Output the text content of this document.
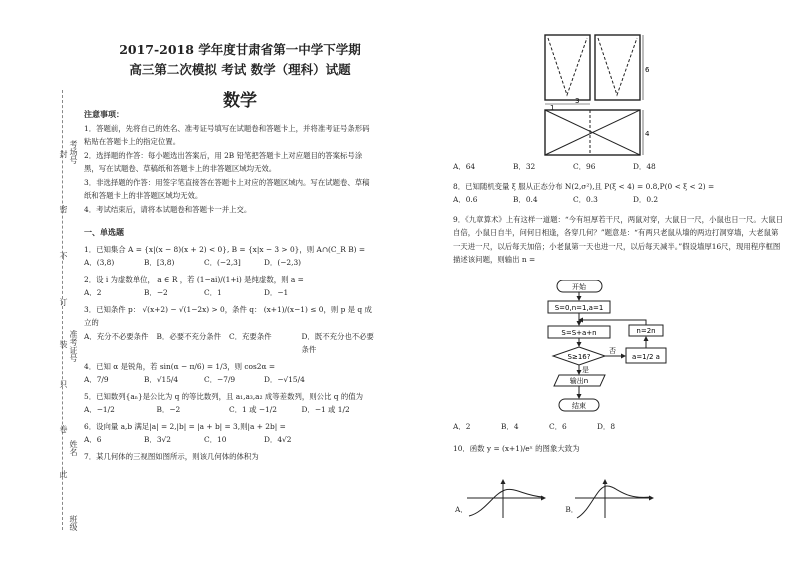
封
密
不
订
装
只
卷
此
考场号
准考证号
姓名
班级
2017-2018 学年度甘肃省第一中学下学期
高三第二次模拟 考试 数学（理科）试题
数学

注意事项：

1．答题前，先将自己的姓名、准考证号填写在试题卷和答题卡上，并将准考证号条形码粘贴在答题卡上的指定位置。

2．选择题的作答：每小题选出答案后，用 2B 铅笔把答题卡上对应题目的答案标号涂黑，写在试题卷、草稿纸和答题卡上的非答题区域均无效。

3．非选择题的作答：用签字笔直接答在答题卡上对应的答题区域内。写在试题卷、草稿纸和答题卡上的非答题区域均无效。

4．考试结束后，请将本试题卷和答题卡一并上交。

一、单选题

1．已知集合 A = {x|(x − 8)(x + 2) < 0}, B = {x|x − 3 > 0}，则 A∩(C_R B) =

A．(3,8)	B．[3,8)	C．(−2,3]	D．(−2,3)

2．设 i 为虚数单位， a ∈ R ，若 (1−ai)/(1+i) 是纯虚数，则 a =

A．2	B．−2	C．1	D．−1

3．已知条件 p： √(x+2) − √(1−2x) > 0，条件 q： (x+1)/(x−1) ≤ 0，则 p 是 q 成立的

A．充分不必要条件	B．必要不充分条件	C．充要条件	D．既不充分也不必要条件

4．已知 α 是锐角，若 sin(α − π/6) = 1/3，则 cos2α =

A．7/9	B．√15/4	C．−7/9	D．−√15/4

5．已知数列{aₙ}是公比为 q 的等比数列，且 a₁,a₃,a₂ 成等差数列，则公比 q 的值为

A．−1/2	B．−2	C．1 或 −1/2	D．−1 或 1/2

6．设向量 a,b 满足|a| = 2,|b| = |a + b| = 3,则|a + 2b| =

A．6	B．3√2	C．10	D．4√2

7．某几何体的三视图如图所示，则该几何体的体积为

6
1
3
4
A．64	B．32	C．96	D．48

8．已知随机变量 ξ 服从正态分布 N(2,σ²),且 P(ξ < 4) = 0.8,P(0 < ξ < 2) =

A．0.6	B．0.4	C．0.3	D．0.2

9．《九章算术》上有这样一道题：“今有垣厚若干尺，两鼠对穿，大鼠日一尺，小鼠也日一尺。大鼠日自倍，小鼠日自半，问何日相逢，各穿几何？”题意是：“有两只老鼠从墙的两边打洞穿墙，大老鼠第一天进一尺，以后每天加倍；小老鼠第一天也进一尺，以后每天减半。”假设墙厚16尺，现用程序框图描述该问题，则输出 n =

开始
S=0,n=1,a=1
S=S+a+n
S≥16?
否
a=1/2 a
n=2n
是
输出n
结束
A．2	B．4	C．6	D．8

10．函数 y = (x+1)/eˣ 的图象大致为

A．	B．
